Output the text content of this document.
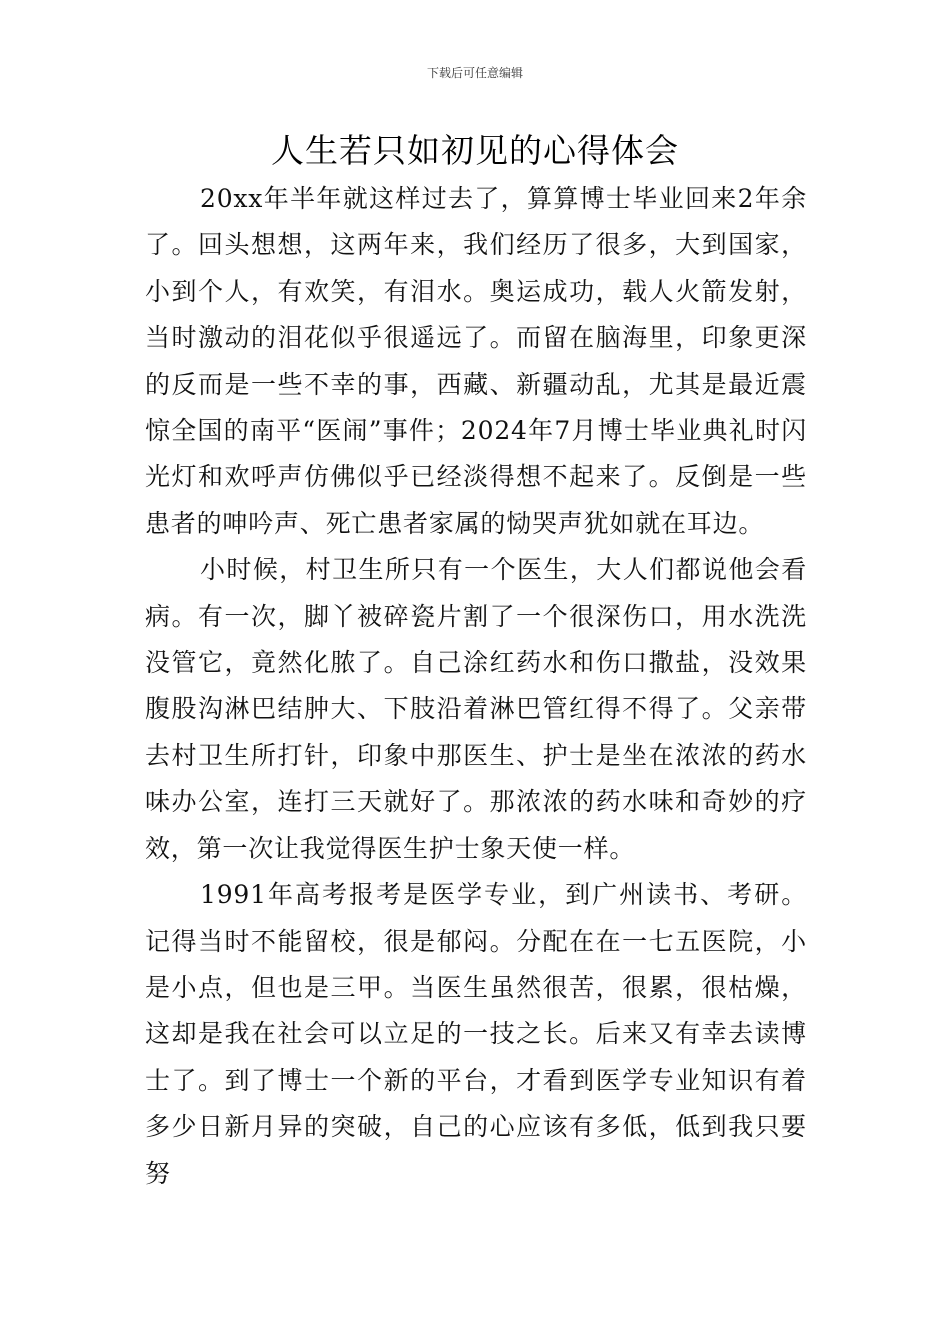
下载后可任意编辑
人生若只如初见的心得体会

20xx年半年就这样过去了，算算博士毕业回来2年余了。回头想想，这两年来，我们经历了很多，大到国家，小到个人，有欢笑，有泪水。奥运成功，载人火箭发射，当时激动的泪花似乎很遥远了。而留在脑海里，印象更深的反而是一些不幸的事，西藏、新疆动乱，尤其是最近震惊全国的南平“医闹”事件；2024年7月博士毕业典礼时闪光灯和欢呼声仿佛似乎已经淡得想不起来了。反倒是一些患者的呻吟声、死亡患者家属的恸哭声犹如就在耳边。

小时候，村卫生所只有一个医生，大人们都说他会看病。有一次，脚丫被碎瓷片割了一个很深伤口，用水洗洗没管它，竟然化脓了。自己涂红药水和伤口撒盐，没效果腹股沟淋巴结肿大、下肢沿着淋巴管红得不得了。父亲带去村卫生所打针，印象中那医生、护士是坐在浓浓的药水味办公室，连打三天就好了。那浓浓的药水味和奇妙的疗效，第一次让我觉得医生护士象天使一样。

1991年高考报考是医学专业，到广州读书、考研。记得当时不能留校，很是郁闷。分配在在一七五医院，小是小点，但也是三甲。当医生虽然很苦，很累，很枯燥，这却是我在社会可以立足的一技之长。后来又有幸去读博士了。到了博士一个新的平台，才看到医学专业知识有着多少日新月异的突破，自己的心应该有多低，低到我只要努
